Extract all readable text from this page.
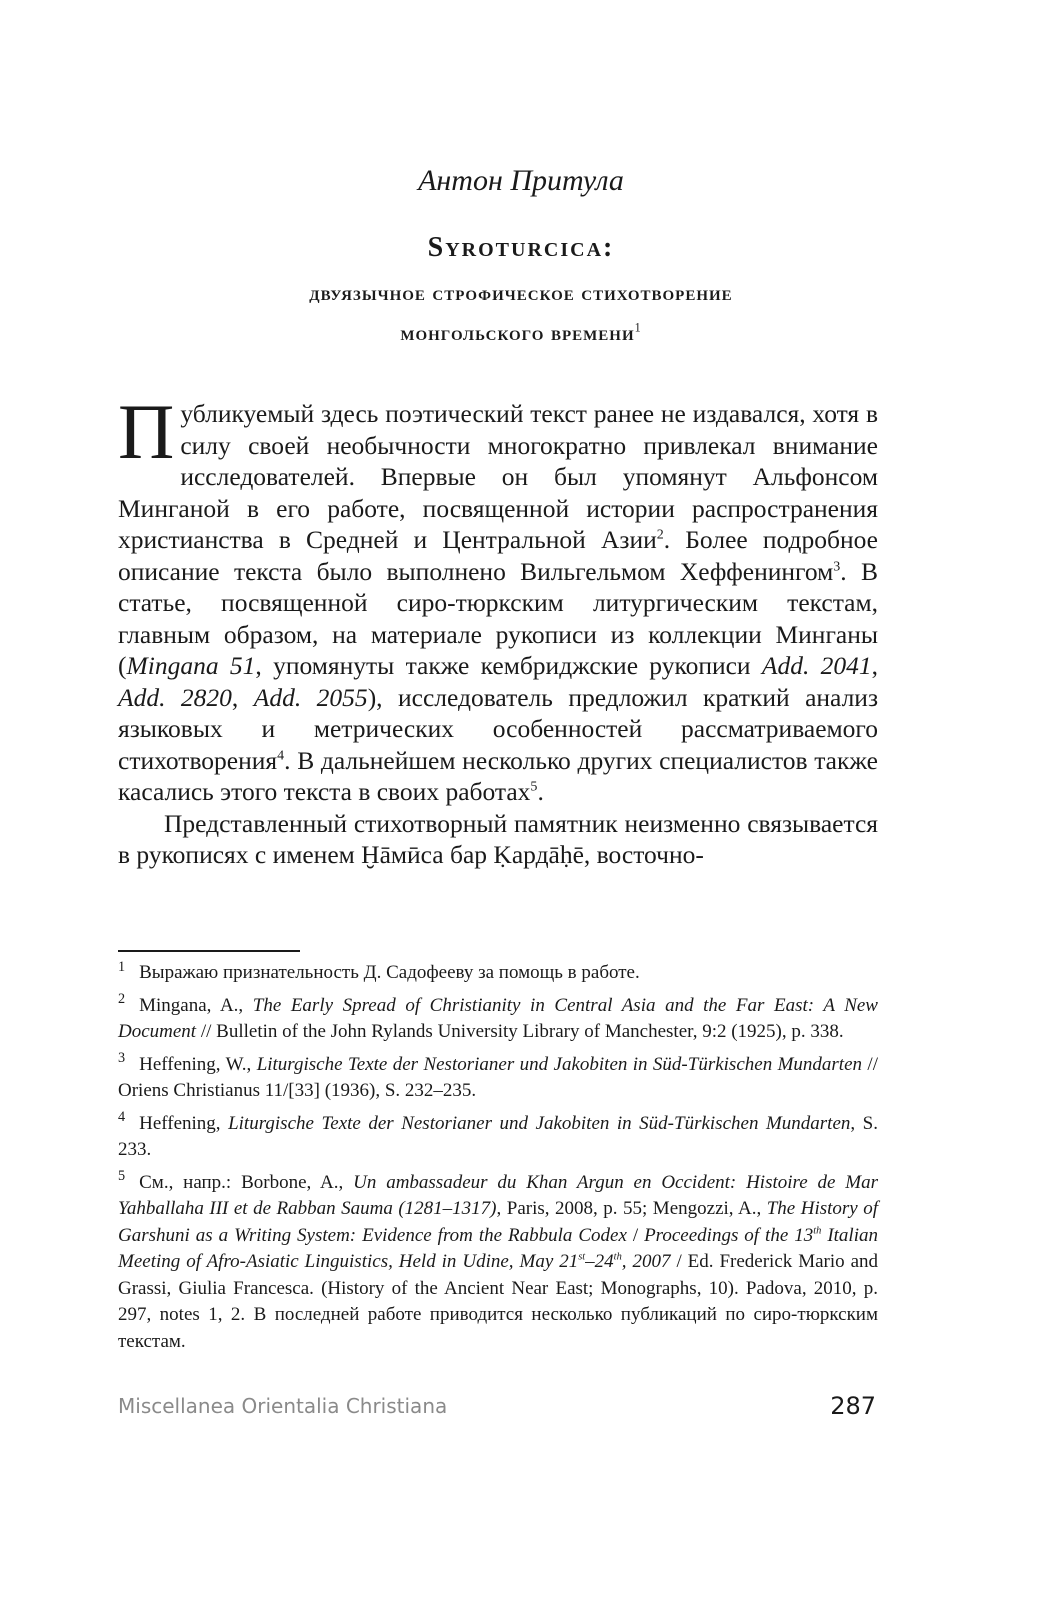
Антон Притула
Syroturcica:
двуязычное строфическое стихотворение
монгольского времени$^1$

Публикуемый здесь поэтический текст ранее не издавался, хотя в силу своей необычности многократно привлекал внимание исследователей. Впервые он был упомянут Альфонсом Минганой в его работе, посвященной истории распространения христианства в Средней и Центральной Азии$^2$. Более подробное описание текста было выполнено Вильгельмом Хеффенингом$^3$. В статье, посвященной сиро-тюркским литургическим текстам, главным образом, на материале рукописи из коллекции Минганы (Mingana 51, упомянуты также кембриджские рукописи Add. 2041, Add. 2820, Add. 2055), исследователь предложил краткий анализ языковых и метрических особенностей рассматриваемого стихотворения$^4$. В дальнейшем несколько других специалистов также касались этого текста в своих работах$^5$.

Представленный стихотворный памятник неизменно связывается в рукописях с именем Ḫāмӣса бар Ḳардāḥē, восточно-

$^1$ Выражаю признательность Д. Садофееву за помощь в работе.

$^2$ Mingana, A., The Early Spread of Christianity in Central Asia and the Far East: A New Document // Bulletin of the John Rylands University Library of Manchester, 9:2 (1925), p. 338.

$^3$ Heffening, W., Liturgische Texte der Nestorianer und Jakobiten in Süd-Türkischen Mundarten // Oriens Christianus 11/[33] (1936), S. 232–235.

$^4$ Heffening, Liturgische Texte der Nestorianer und Jakobiten in Süd-Türkischen Mundarten, S. 233.

$^5$ См., напр.: Borbone, A., Un ambassadeur du Khan Argun en Occident: Histoire de Mar Yahballaha III et de Rabban Sauma (1281–1317), Paris, 2008, p. 55; Mengozzi, A., The History of Garshuni as a Writing System: Evidence from the Rabbula Codex / Proceedings of the 13th Italian Meeting of Afro-Asiatic Linguistics, Held in Udine, May 21st–24th, 2007 / Ed. Frederick Mario and Grassi, Giulia Francesca. (History of the Ancient Near East; Monographs, 10). Padova, 2010, p. 297, notes 1, 2. В последней работе приводится несколько публикаций по сиро-тюркским текстам.

Miscellanea Orientalia Christiana	287
